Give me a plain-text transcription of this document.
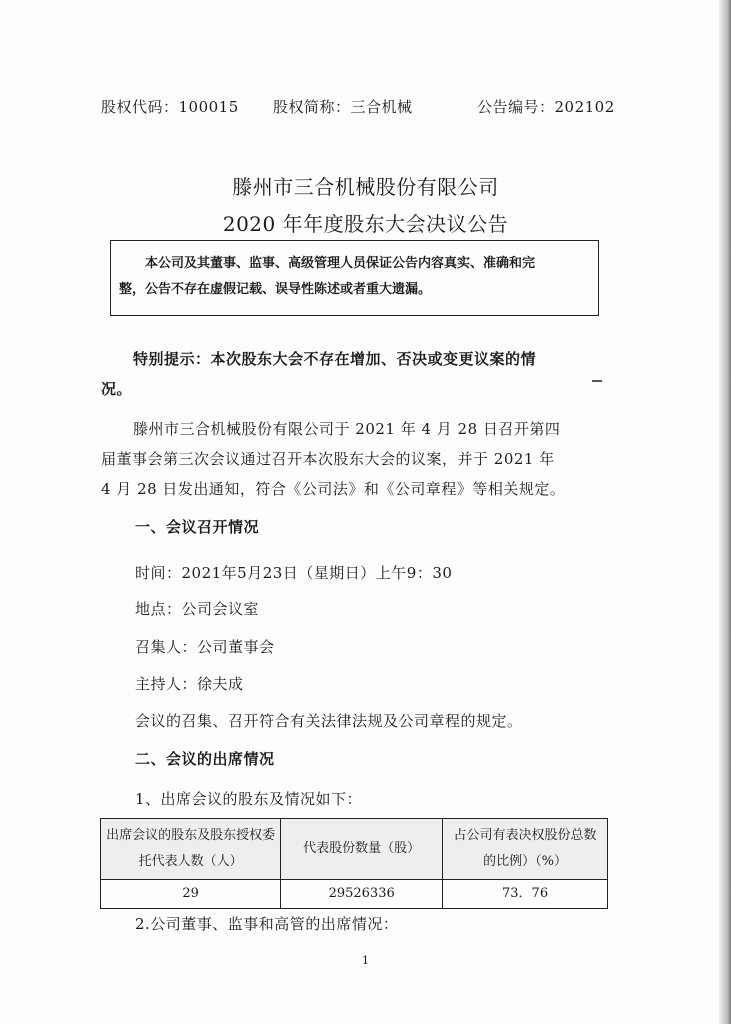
股权代码：100015 股权简称：三合机械	公告编号：202102
滕州市三合机械股份有限公司
2020 年年度股东大会决议公告

本公司及其董事、监事、高级管理人员保证公告内容真实、准确和完

整，公告不存在虚假记载、误导性陈述或者重大遗漏。

特别提示：本次股东大会不存在增加、否决或变更议案的情

况。

滕州市三合机械股份有限公司于 2021 年 4 月 28 日召开第四

届董事会第三次会议通过召开本次股东大会的议案，并于 2021 年

4 月 28 日发出通知，符合《公司法》和《公司章程》等相关规定。

一、会议召开情况
时间：2021年5月23日（星期日）上午9：30
地点：公司会议室
召集人：公司董事会
主持人：徐夫成
会议的召集、召开符合有关法律法规及公司章程的规定。
二、会议的出席情况
1、出席会议的股东及情况如下：
出席会议的股东及股东授权委托代表人数（人）	代表股份数量（股）	占公司有表决权股份总数的比例）（%）
29	29526336	73．76
2.公司董事、监事和高管的出席情况：
1
